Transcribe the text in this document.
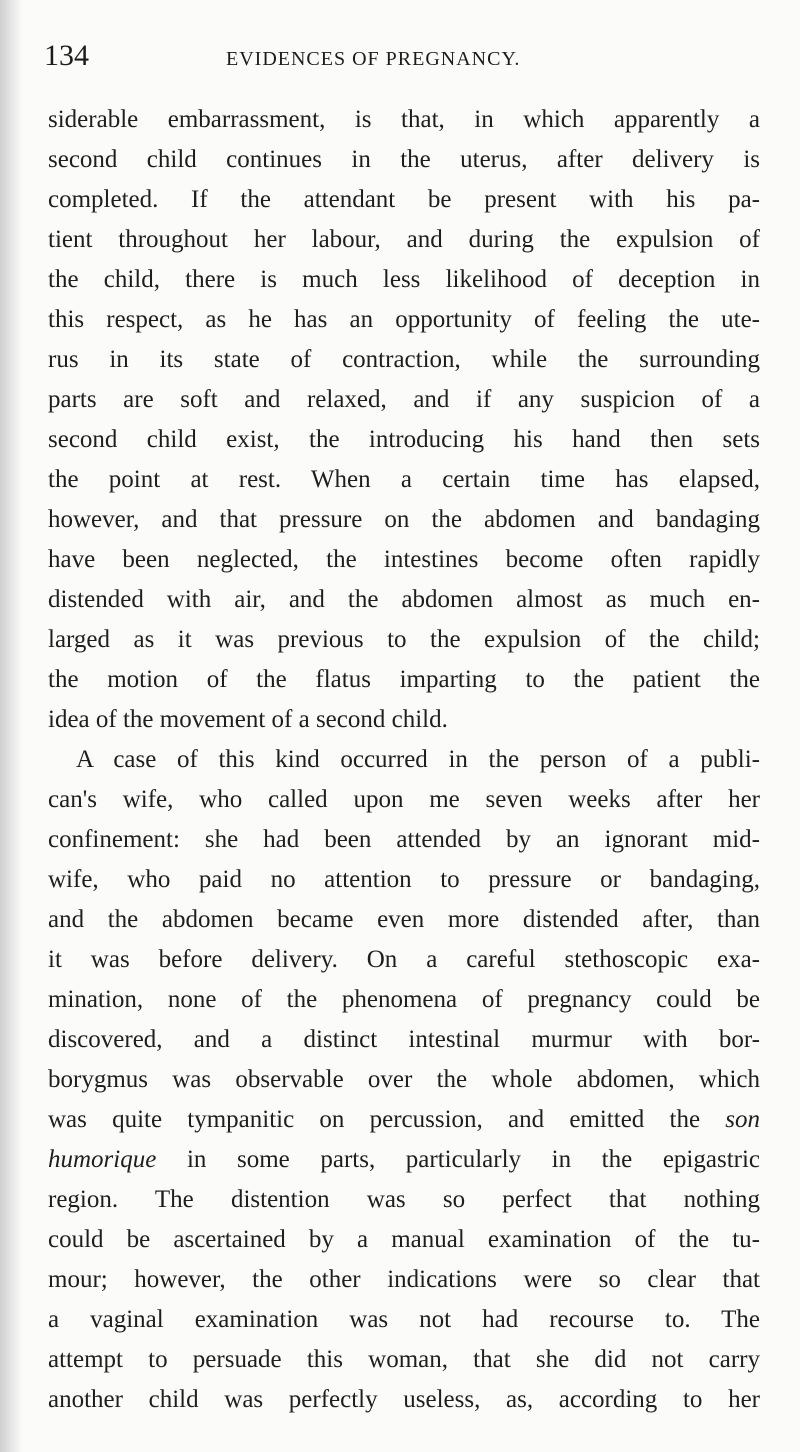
134	EVIDENCES OF PREGNANCY.
siderable embarrassment, is that, in which apparently a
second child continues in the uterus, after delivery is
completed. If the attendant be present with his pa-
tient throughout her labour, and during the expulsion of
the child, there is much less likelihood of deception in
this respect, as he has an opportunity of feeling the ute-
rus in its state of contraction, while the surrounding
parts are soft and relaxed, and if any suspicion of a
second child exist, the introducing his hand then sets
the point at rest. When a certain time has elapsed,
however, and that pressure on the abdomen and bandaging
have been neglected, the intestines become often rapidly
distended with air, and the abdomen almost as much en-
larged as it was previous to the expulsion of the child;
the motion of the flatus imparting to the patient the
idea of the movement of a second child.
A case of this kind occurred in the person of a publi-
can's wife, who called upon me seven weeks after her
confinement: she had been attended by an ignorant mid-
wife, who paid no attention to pressure or bandaging,
and the abdomen became even more distended after, than
it was before delivery. On a careful stethoscopic exa-
mination, none of the phenomena of pregnancy could be
discovered, and a distinct intestinal murmur with bor-
borygmus was observable over the whole abdomen, which
was quite tympanitic on percussion, and emitted the son
humorique in some parts, particularly in the epigastric
region. The distention was so perfect that nothing
could be ascertained by a manual examination of the tu-
mour; however, the other indications were so clear that
a vaginal examination was not had recourse to. The
attempt to persuade this woman, that she did not carry
another child was perfectly useless, as, according to her
